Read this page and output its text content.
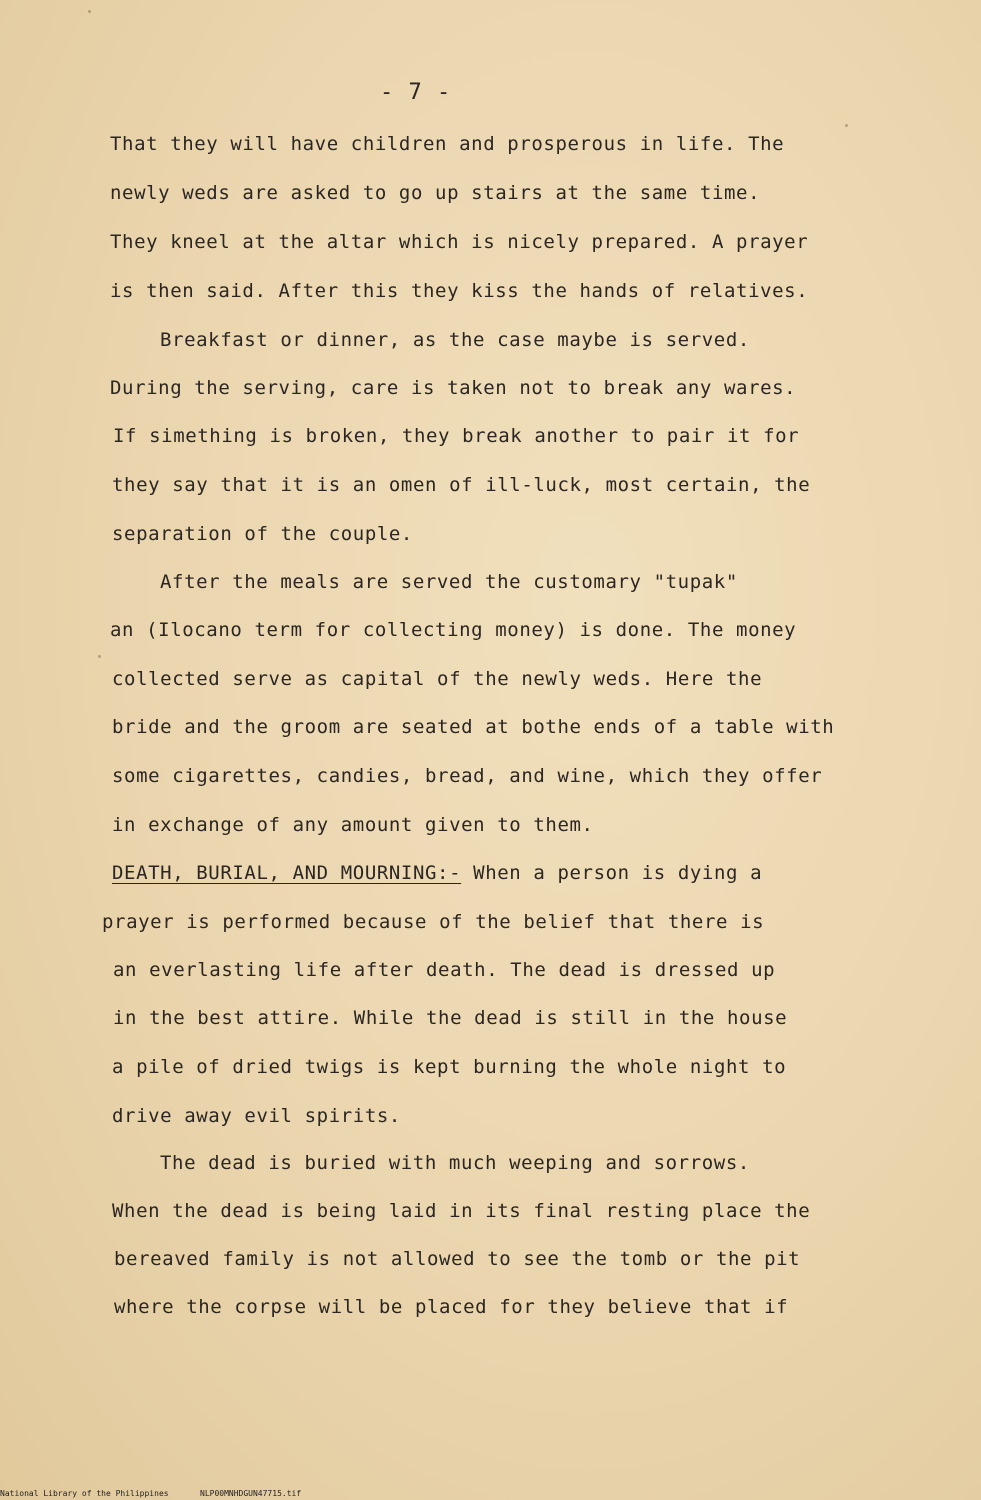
- 7 -
That they will have children and prosperous in life. The
newly weds are asked to go up stairs at the same time.
They kneel at the altar which is nicely prepared. A prayer
is then said. After this they kiss the hands of relatives.
Breakfast or dinner, as the case maybe is served.
During the serving, care is taken not to break any wares.
If simething is broken, they break another to pair it for
they say that it is an omen of ill-luck, most certain, the
separation of the couple.
After the meals are served the customary "tupak"
an (Ilocano term for collecting money) is done. The money
collected serve as capital of the newly weds. Here the
bride and the groom are seated at bothe ends of a table with
some cigarettes, candies, bread, and wine, which they offer
in exchange of any amount given to them.
DEATH, BURIAL, AND MOURNING:- When a person is dying a
prayer is performed because of the belief that there is
an everlasting life after death. The dead is dressed up
in the best attire. While the dead is still in the house
a pile of dried twigs is kept burning the whole night to
drive away evil spirits.
The dead is buried with much weeping and sorrows.
When the dead is being laid in its final resting place the
bereaved family is not allowed to see the tomb or the pit
where the corpse will be placed for they believe that if
National Library of the Philippines	NLP00MNHDGUN47715.tif
